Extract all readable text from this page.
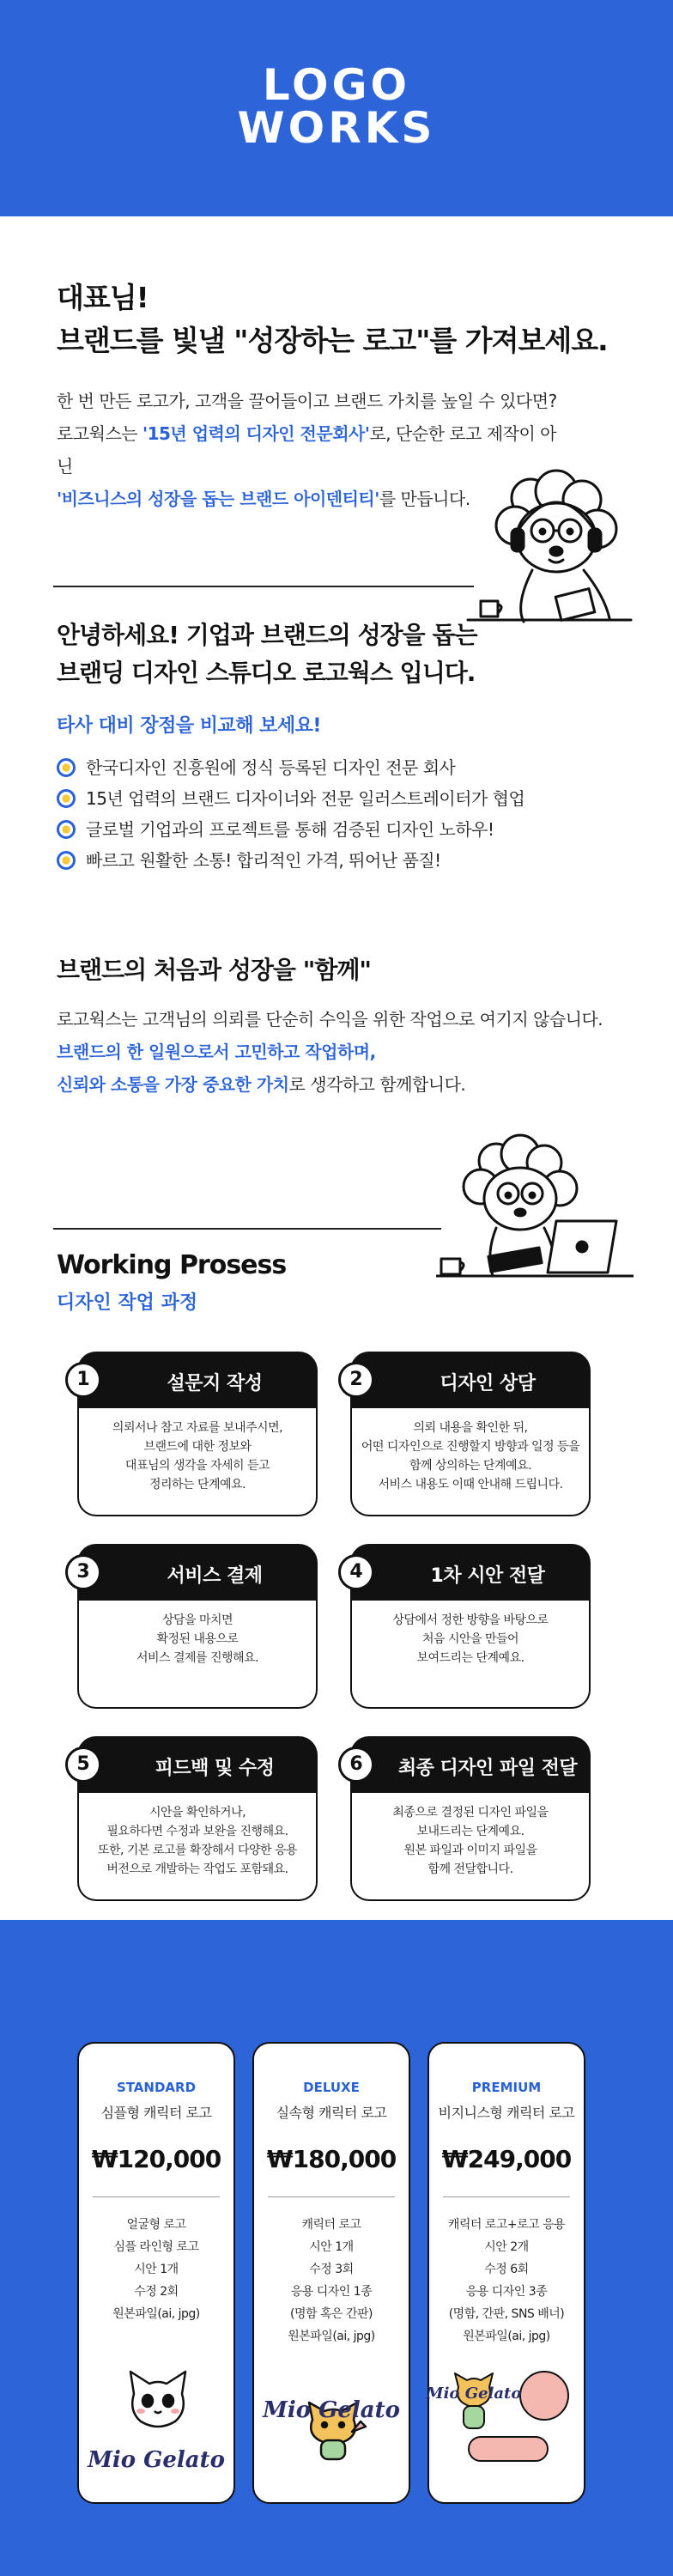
LOGO
WORKS
대표님!
브랜드를 빛낼 "성장하는 로고"를 가져보세요.
한 번 만든 로고가, 고객을 끌어들이고 브랜드 가치를 높일 수 있다면?
로고웍스는 '15년 업력의 디자인 전문회사'로, 단순한 로고 제작이 아닌
'비즈니스의 성장을 돕는 브랜드 아이덴티티'를 만듭니다.
안녕하세요! 기업과 브랜드의 성장을 돕는
브랜딩 디자인 스튜디오 로고웍스 입니다.
타사 대비 장점을 비교해 보세요!
한국디자인 진흥원에 정식 등록된 디자인 전문 회사
15년 업력의 브랜드 디자이너와 전문 일러스트레이터가 협업
글로벌 기업과의 프로젝트를 통해 검증된 디자인 노하우!
빠르고 원활한 소통! 합리적인 가격, 뛰어난 품질!
브랜드의 처음과 성장을 "함께"
로고웍스는 고객님의 의뢰를 단순히 수익을 위한 작업으로 여기지 않습니다.
브랜드의 한 일원으로서 고민하고 작업하며,
신뢰와 소통을 가장 중요한 가치로 생각하고 함께합니다.
Working Prosess
디자인 작업 과정
의뢰서나 참고 자료를 보내주시면,
브랜드에 대한 정보와
대표님의 생각을 자세히 듣고
정리하는 단계예요.
설문지 작성
1
의뢰 내용을 확인한 뒤,
어떤 디자인으로 진행할지 방향과 일정 등을
함께 상의하는 단계예요.
서비스 내용도 이때 안내해 드립니다.
디자인 상담
2
상담을 마치면
확정된 내용으로
서비스 결제를 진행해요.
서비스 결제
3
상담에서 정한 방향을 바탕으로
처음 시안을 만들어
보여드리는 단계예요.
1차 시안 전달
4
시안을 확인하거나,
필요하다면 수정과 보완을 진행해요.
또한, 기본 로고를 확장해서 다양한 응용
버전으로 개발하는 작업도 포함돼요.
피드백 및 수정
5
최종으로 결정된 디자인 파일을
보내드리는 단계예요.
원본 파일과 이미지 파일을
함께 전달합니다.
최종 디자인 파일 전달
6
STANDARD
심플형 캐릭터 로고
₩120,000
얼굴형 로고
심플 라인형 로고
시안 1개
수정 2회
원본파일(ai, jpg)
Mio Gelato
DELUXE
실속형 캐릭터 로고
₩180,000
캐릭터 로고
시안 1개
수정 3회
응용 디자인 1종
(명함 혹은 간판)
원본파일(ai, jpg)
Mio Gelato
PREMIUM
비지니스형 캐릭터 로고
₩249,000
캐릭터 로고+로고 응용
시안 2개
수정 6회
응용 디자인 3종
(명함, 간판, SNS 배너)
원본파일(ai, jpg)
Mio Gelato
